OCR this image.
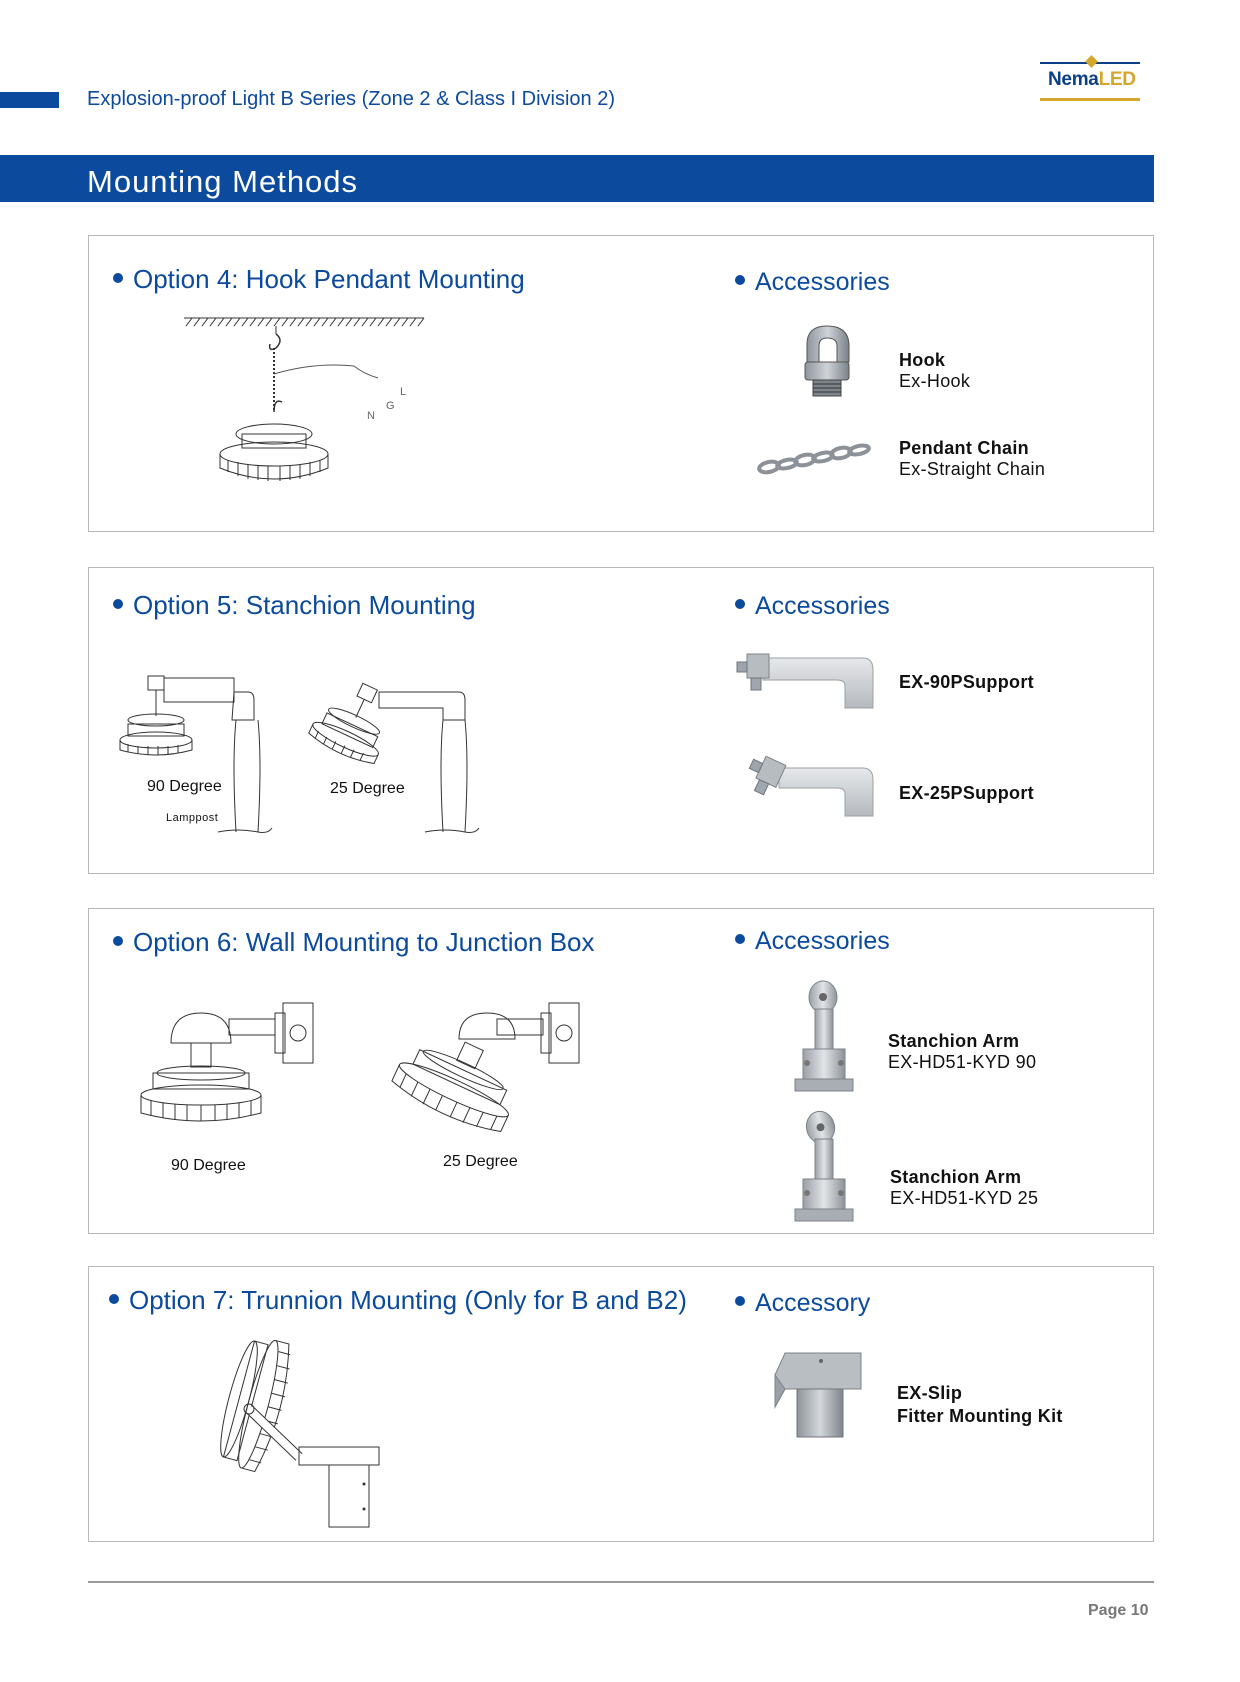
Explosion-proof Light B Series (Zone 2 & Class I Division 2)
NemaLED
Mounting Methods
Option 4: Hook Pendant Mounting	Accessories
L
G
N
Hook
Ex-Hook
Pendant Chain
Ex-Straight Chain
Option 5: Stanchion Mounting	Accessories
90 Degree
Lamppost
25 Degree
EX-90PSupport
EX-25PSupport
Option 6: Wall Mounting to Junction Box	Accessories
90 Degree	25 Degree
Stanchion Arm
EX-HD51-KYD 90
Stanchion Arm
EX-HD51-KYD 25
Option 7: Trunnion Mounting (Only for B and B2)	Accessory
EX-Slip
Fitter Mounting Kit
Page 10
